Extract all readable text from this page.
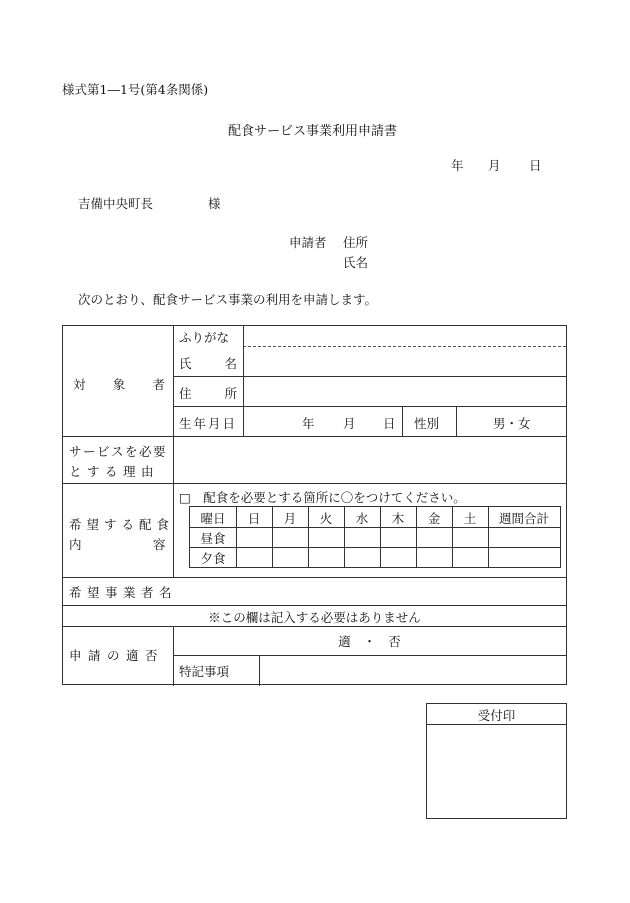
様式第1―1号(第4条関係)
配食サービス事業利用申請書
年 月 日
吉備中央町長	様
申請者 住所
氏名
次のとおり、配食サービス事業の利用を申請します。
対 象 者
ふりがな
氏	名
住	所
生年月日	年 月 日 性別	男・女
サービスを必要
とする理由
希望する配食
内	容
□　配食を必要とする箇所に〇をつけてください。
曜日	日	月	火	水	木	金	土	週間合計
昼食
夕食
希望事業者名
※この欄は記入する必要はありません
申請の適否
適　・　否
特記事項
受付印
